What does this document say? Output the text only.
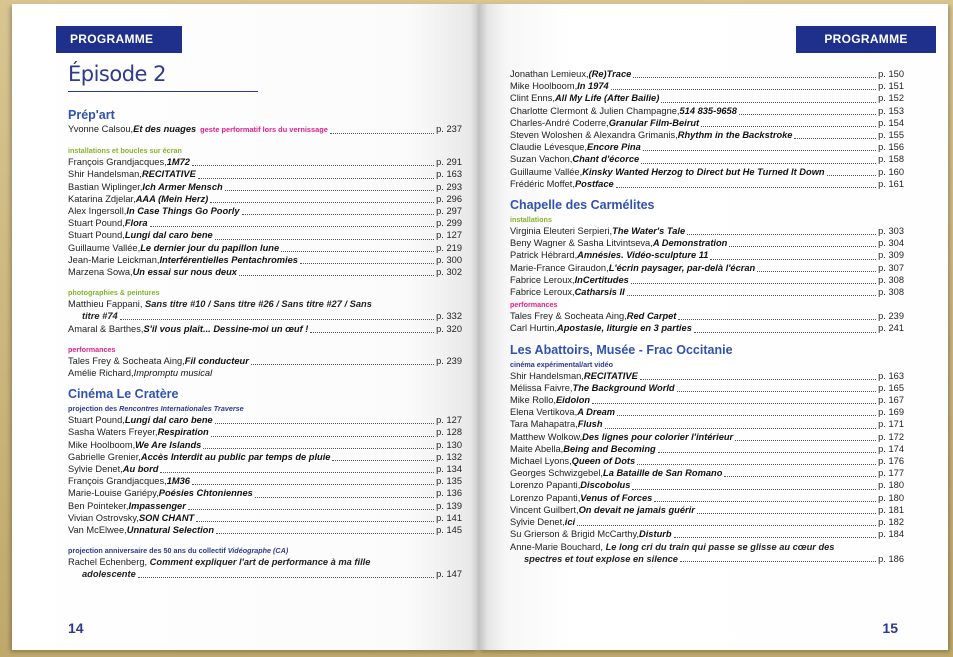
PROGRAMME
Épisode 2
Prép'art
Yvonne Calsou, Et des nuages geste performatif lors du vernissage	p. 237
installations et boucles sur écran
François Grandjacques, 1M72	p. 291
Shir Handelsman, RECITATIVE	p. 163
Bastian Wiplinger, Ich Armer Mensch	p. 293
Katarina Zdjelar, AAA (Mein Herz)	p. 296
Alex Ingersoll, In Case Things Go Poorly	p. 297
Stuart Pound, Flora	p. 299
Stuart Pound, Lungi dal caro bene	p. 127
Guillaume Vallée, Le dernier jour du papillon lune	p. 219
Jean-Marie Leickman, Interférentielles Pentachromies	p. 300
Marzena Sowa, Un essai sur nous deux	p. 302
photographies & peintures
Matthieu Fappani, Sans titre #10 / Sans titre #26 / Sans titre #27 / Sans
titre #74	p. 332
Amaral & Barthes, S'il vous plaît... Dessine-moi un œuf !	p. 320
performances
Tales Frey & Socheata Aing, Fil conducteur	p. 239
Amélie Richard, Impromptu musical
Cinéma Le Cratère
projection des Rencontres Internationales Traverse
Stuart Pound, Lungi dal caro bene	p. 127
Sasha Waters Freyer, Respiration	p. 128
Mike Hoolboom, We Are Islands	p. 130
Gabrielle Grenier, Accès Interdit au public par temps de pluie	p. 132
Sylvie Denet, Au bord	p. 134
François Grandjacques, 1M36	p. 135
Marie-Louise Gariépy, Poésies Chtoniennes	p. 136
Ben Pointeker, Impassenger	p. 139
Vivian Ostrovsky, SON CHANT	p. 141
Van McElwee, Unnatural Selection	p. 145
projection anniversaire des 50 ans du collectif Vidéographe (CA)
Rachel Echenberg, Comment expliquer l'art de performance à ma fille
adolescente	p. 147
14
PROGRAMME
15
Jonathan Lemieux, (Re)Trace	p. 150
Mike Hoolboom, In 1974	p. 151
Clint Enns, All My Life (After Bailie)	p. 152
Charlotte Clermont & Julien Champagne, 514 835-9658	p. 153
Charles-André Coderre, Granular Film-Beirut	p. 154
Steven Woloshen & Alexandra Grimanis, Rhythm in the Backstroke	p. 155
Claudie Lévesque, Encore Pina	p. 156
Suzan Vachon, Chant d'écorce	p. 158
Guillaume Vallée, Kinsky Wanted Herzog to Direct but He Turned It Down	p. 160
Frédéric Moffet, Postface	p. 161
Chapelle des Carmélites
installations
Virginia Eleuteri Serpieri, The Water's Tale	p. 303
Beny Wagner & Sasha Litvintseva, A Demonstration	p. 304
Patrick Hébrard, Amnésies. Vidéo-sculpture 11	p. 309
Marie-France Giraudon, L'écrin paysager, par-delà l'écran	p. 307
Fabrice Leroux, InCertitudes	p. 308
Fabrice Leroux, Catharsis II	p. 308
performances
Tales Frey & Socheata Aing, Red Carpet	p. 239
Carl Hurtin, Apostasie, liturgie en 3 parties	p. 241
Les Abattoirs, Musée - Frac Occitanie
cinéma expérimental/art vidéo
Shir Handelsman, RECITATIVE	p. 163
Mélissa Faivre, The Background World	p. 165
Mike Rollo, Eidolon	p. 167
Elena Vertikova, A Dream	p. 169
Tara Mahapatra, Flush	p. 171
Matthew Wolkow, Des lignes pour colorier l'intérieur	p. 172
Maite Abella, Being and Becoming	p. 174
Michael Lyons, Queen of Dots	p. 176
Georges Schwizgebel, La Bataille de San Romano	p. 177
Lorenzo Papanti, Discobolus	p. 180
Lorenzo Papanti, Venus of Forces	p. 180
Vincent Guilbert, On devait ne jamais guérir	p. 181
Sylvie Denet, ici	p. 182
Su Grierson & Brigid McCarthy, Disturb	p. 184
Anne-Marie Bouchard, Le long cri du train qui passe se glisse au cœur des
spectres et tout explose en silence	p. 186
